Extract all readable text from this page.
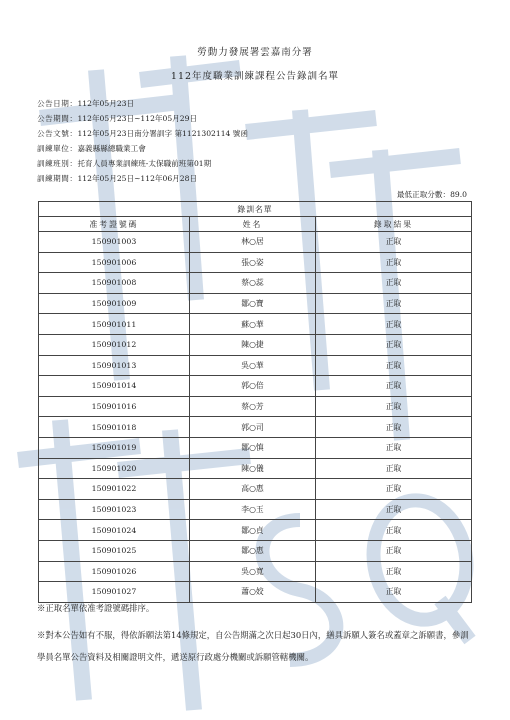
勞動力發展署雲嘉南分署
112年度職業訓練課程公告錄訓名單
公告日期：112年05月23日
公告期間：112年05月23日~112年05月29日
公告文號：112年05月23日南分署訓字 第1121302114 號函
訓練單位：嘉義縣縣總職業工會
訓練班別：托育人員專業訓練班-太保職前班第01期
訓練期間：112年05月25日~112年06月28日
最低正取分數：89.0
錄訓名單		
准考證號碼	姓名	錄取結果
150901003	林○居	正取
150901006	張○姿	正取
150901008	蔡○蕊	正取
150901009	鄒○寶	正取
150901011	蘇○華	正取
150901012	陳○捷	正取
150901013	吳○華	正取
150901014	郭○倍	正取
150901016	蔡○芳	正取
150901018	郭○司	正取
150901019	鄒○慎	正取
150901020	陳○儀	正取
150901022	高○惠	正取
150901023	李○玉	正取
150901024	鄒○貞	正取
150901025	鄒○惠	正取
150901026	吳○寬	正取
150901027	蕭○姣	正取
※正取名單依准考證號碼排序。
※對本公告如有不服，得依訴願法第14條規定，自公告期滿之次日起30日內，繕具訴願人簽名或蓋章之訴願書，參訓學員名單公告資料及相關證明文件，遞送原行政處分機關或訴願管轄機關。
